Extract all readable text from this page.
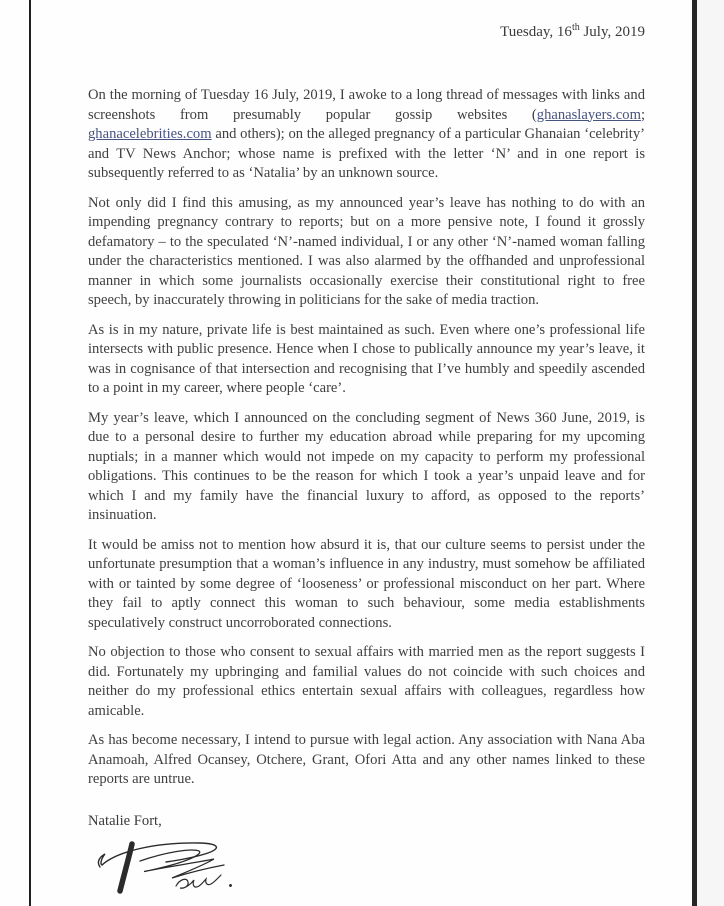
Tuesday, 16th July, 2019

On the morning of Tuesday 16 July, 2019, I awoke to a long thread of messages with links and screenshots from presumably popular gossip websites (ghanaslayers.com; ghanacelebrities.com and others); on the alleged pregnancy of a particular Ghanaian ‘celebrity’ and TV News Anchor; whose name is prefixed with the letter ‘N’ and in one report is subsequently referred to as ‘Natalia’ by an unknown source.

Not only did I find this amusing, as my announced year’s leave has nothing to do with an impending pregnancy contrary to reports; but on a more pensive note, I found it grossly defamatory – to the speculated ‘N’-named individual, I or any other ‘N’-named woman falling under the characteristics mentioned. I was also alarmed by the offhanded and unprofessional manner in which some journalists occasionally exercise their constitutional right to free speech, by inaccurately throwing in politicians for the sake of media traction.

As is in my nature, private life is best maintained as such. Even where one’s professional life intersects with public presence. Hence when I chose to publically announce my year’s leave, it was in cognisance of that intersection and recognising that I’ve humbly and speedily ascended to a point in my career, where people ‘care’.

My year’s leave, which I announced on the concluding segment of News 360 June, 2019, is due to a personal desire to further my education abroad while preparing for my upcoming nuptials; in a manner which would not impede on my capacity to perform my professional obligations. This continues to be the reason for which I took a year’s unpaid leave and for which I and my family have the financial luxury to afford, as opposed to the reports’ insinuation.

It would be amiss not to mention how absurd it is, that our culture seems to persist under the unfortunate presumption that a woman’s influence in any industry, must somehow be affiliated with or tainted by some degree of ‘looseness’ or professional misconduct on her part. Where they fail to aptly connect this woman to such behaviour, some media establishments speculatively construct uncorroborated connections.

No objection to those who consent to sexual affairs with married men as the report suggests I did. Fortunately my upbringing and familial values do not coincide with such choices and neither do my professional ethics entertain sexual affairs with colleagues, regardless how amicable.

As has become necessary, I intend to pursue with legal action. Any association with Nana Aba Anamoah, Alfred Ocansey, Otchere, Grant, Ofori Atta and any other names linked to these reports are untrue.

Natalie Fort,
